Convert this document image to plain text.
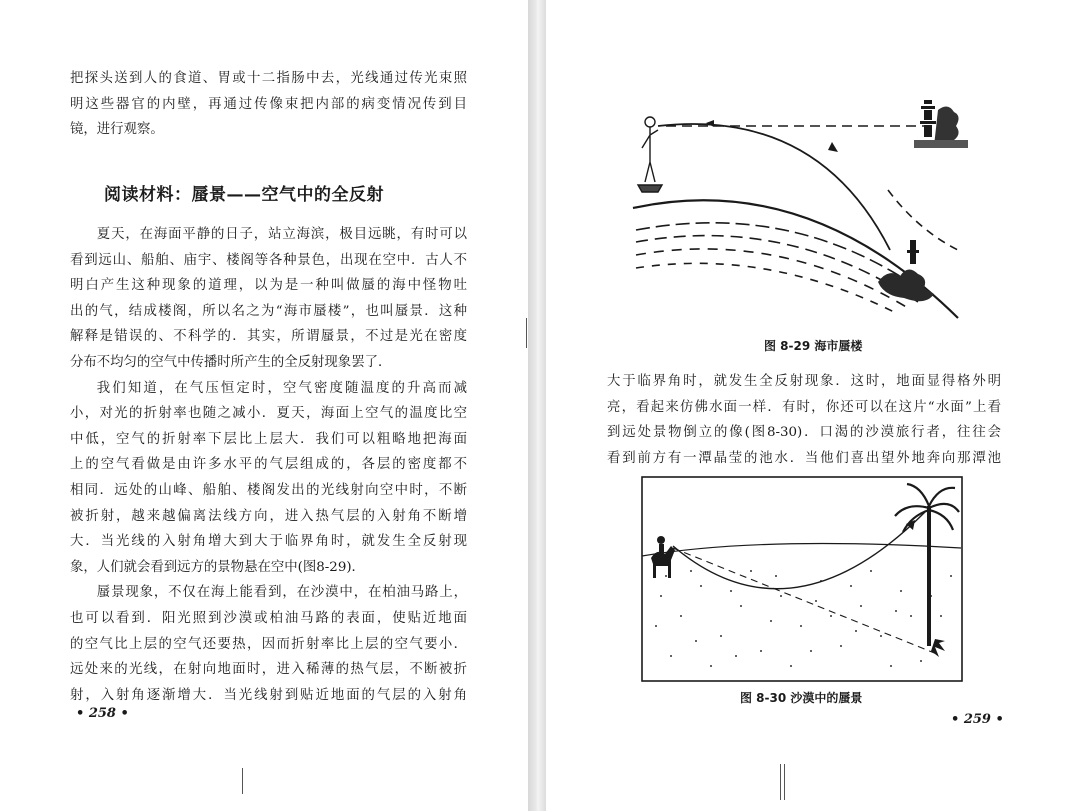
把探头送到人的食道、胃或十二指肠中去，光线通过传光束照

明这些器官的内壁，再通过传像束把内部的病变情况传到目

镜，进行观察。

阅读材料：蜃景——空气中的全反射

夏天，在海面平静的日子，站立海滨，极目远眺，有时可以

看到远山、船舶、庙宇、楼阁等各种景色，出现在空中．古人不

明白产生这种现象的道理，以为是一种叫做蜃的海中怪物吐

出的气，结成楼阁，所以名之为“海市蜃楼”，也叫蜃景．这种

解释是错误的、不科学的．其实，所谓蜃景，不过是光在密度

分布不均匀的空气中传播时所产生的全反射现象罢了．

我们知道，在气压恒定时，空气密度随温度的升高而减

小，对光的折射率也随之减小．夏天，海面上空气的温度比空

中低，空气的折射率下层比上层大．我们可以粗略地把海面

上的空气看做是由许多水平的气层组成的，各层的密度都不

相同．远处的山峰、船舶、楼阁发出的光线射向空中时，不断

被折射，越来越偏离法线方向，进入热气层的入射角不断增

大．当光线的入射角增大到大于临界角时，就发生全反射现

象，人们就会看到远方的景物悬在空中(图8-29)．

蜃景现象，不仅在海上能看到，在沙漠中，在柏油马路上，

也可以看到．阳光照到沙漠或柏油马路的表面，使贴近地面

的空气比上层的空气还要热，因而折射率比上层的空气要小．

远处来的光线，在射向地面时，进入稀薄的热气层，不断被折

射，入射角逐渐增大．当光线射到贴近地面的气层的入射角

• 258 •
图 8-29 海市蜃楼

大于临界角时，就发生全反射现象．这时，地面显得格外明

亮，看起来仿佛水面一样．有时，你还可以在这片“水面”上看

到远处景物倒立的像(图8-30)．口渴的沙漠旅行者，往往会

看到前方有一潭晶莹的池水．当他们喜出望外地奔向那潭池

图 8-30 沙漠中的蜃景
• 259 •
